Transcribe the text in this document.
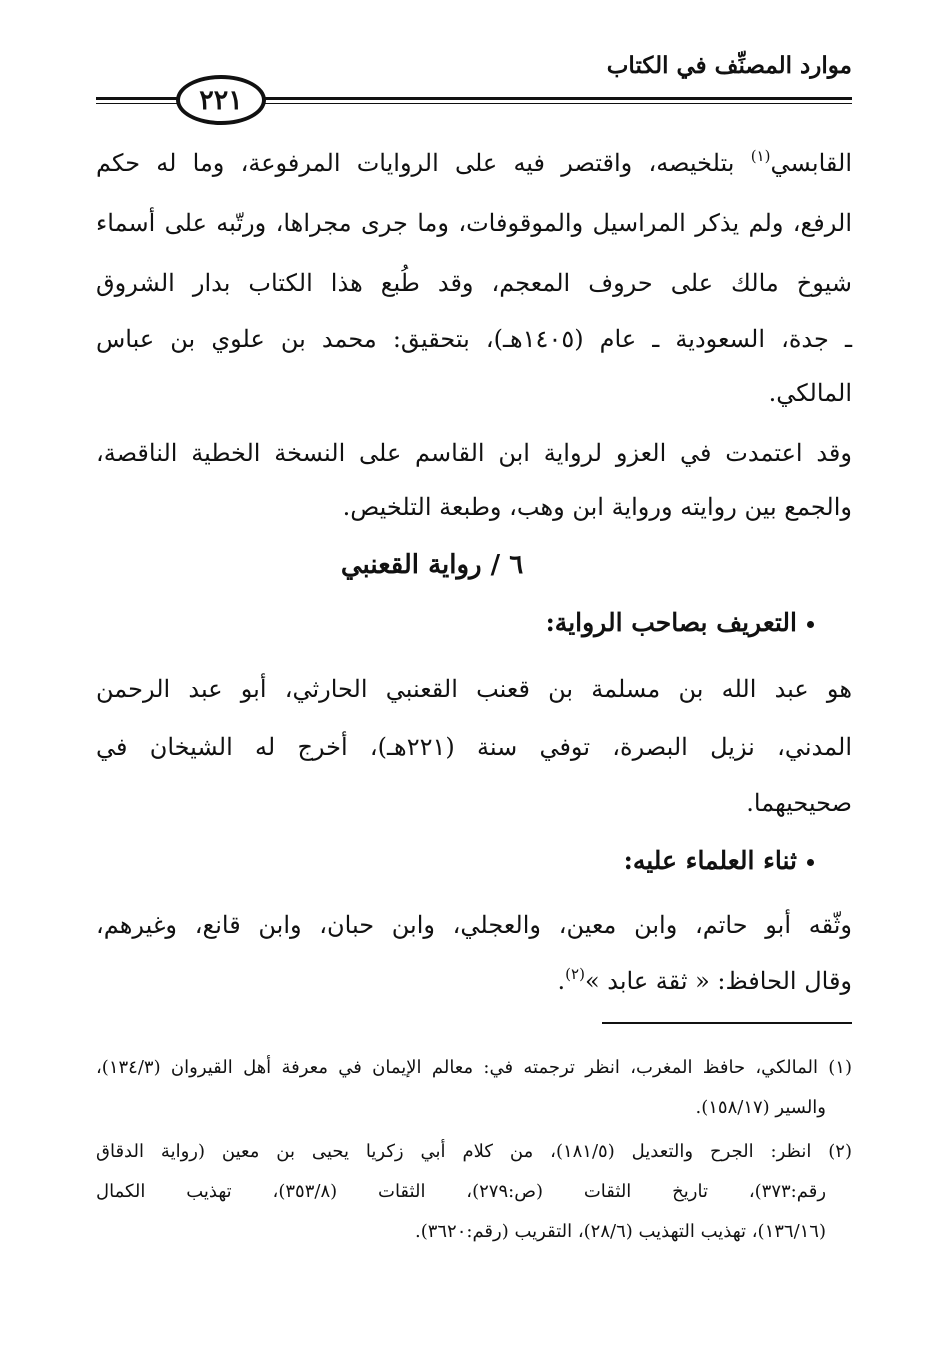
موارد المصنِّف في الكتاب
٢٢١
القابسي$^{(١)}$ بتلخيصه، واقتصر فيه على الروايات المرفوعة، وما له حكم
الرفع، ولم يذكر المراسيل والموقوفات، وما جرى مجراها، ورتّبه على أسماء
شيوخ مالك على حروف المعجم، وقد طُبع هذا الكتاب بدار الشروق
ـ جدة، السعودية ـ عام (١٤٠٥هـ)، بتحقيق: محمد بن علوي بن عباس
المالكي.
وقد اعتمدت في العزو لرواية ابن القاسم على النسخة الخطية الناقصة،
والجمع بين روايته ورواية ابن وهب، وطبعة التلخيص.
٦ / رواية القعنبي
التعريف بصاحب الرواية:
هو عبد الله بن مسلمة بن قعنب القعنبي الحارثي، أبو عبد الرحمن
المدني، نزيل البصرة، توفي سنة (٢٢١هـ)، أخرج له الشيخان في
صحيحيهما.
ثناء العلماء عليه:
وثّقه أبو حاتم، وابن معين، والعجلي، وابن حبان، وابن قانع، وغيرهم،
وقال الحافظ: « ثقة عابد »$^{(٢)}$.
(١) المالكي، حافظ المغرب، انظر ترجمته في: معالم الإيمان في معرفة أهل القيروان (١٣٤/٣)،
والسير (١٥٨/١٧).
(٢) انظر: الجرح والتعديل (١٨١/٥)، من كلام أبي زكريا يحيى بن معين (رواية الدقاق
رقم:٣٧٣)، تاريخ الثقات (ص:٢٧٩)، الثقات (٣٥٣/٨)، تهذيب الكمال
(١٣٦/١٦)، تهذيب التهذيب (٢٨/٦)، التقريب (رقم:٣٦٢٠).
